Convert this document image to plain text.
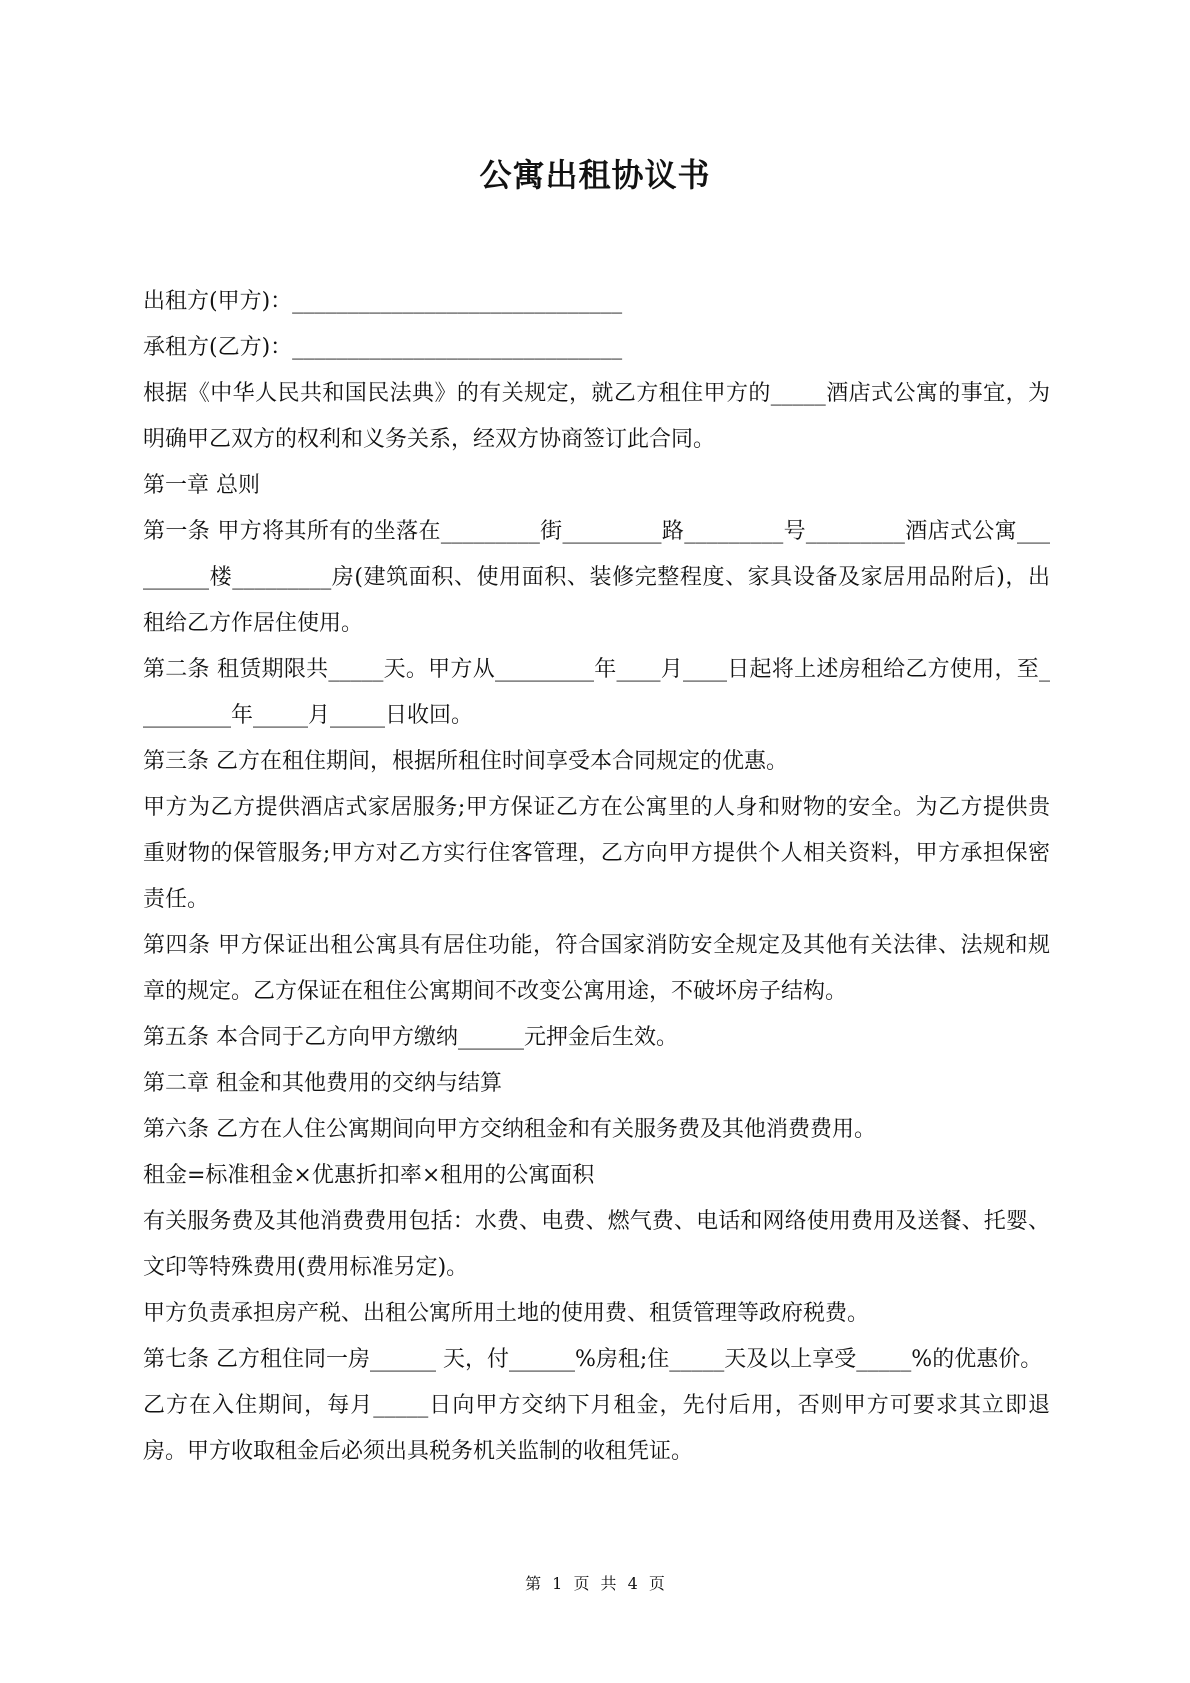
公寓出租协议书

出租方(甲方)：______________________________

承租方(乙方)：______________________________

根据《中华人民共和国民法典》的有关规定，就乙方租住甲方的_____酒店式公寓的事宜，为明确甲乙双方的权利和义务关系，经双方协商签订此合同。

第一章 总则

第一条 甲方将其所有的坐落在_________街_________路_________号_________酒店式公寓_________楼_________房(建筑面积、使用面积、装修完整程度、家具设备及家居用品附后)，出租给乙方作居住使用。

第二条 租赁期限共_____天。甲方从_________年____月____日起将上述房租给乙方使用，至_________年_____月_____日收回。

第三条 乙方在租住期间，根据所租住时间享受本合同规定的优惠。

甲方为乙方提供酒店式家居服务;甲方保证乙方在公寓里的人身和财物的安全。为乙方提供贵重财物的保管服务;甲方对乙方实行住客管理，乙方向甲方提供个人相关资料，甲方承担保密责任。

第四条 甲方保证出租公寓具有居住功能，符合国家消防安全规定及其他有关法律、法规和规章的规定。乙方保证在租住公寓期间不改变公寓用途，不破坏房子结构。

第五条 本合同于乙方向甲方缴纳______元押金后生效。

第二章 租金和其他费用的交纳与结算

第六条 乙方在人住公寓期间向甲方交纳租金和有关服务费及其他消费费用。

租金=标准租金×优惠折扣率×租用的公寓面积

有关服务费及其他消费费用包括：水费、电费、燃气费、电话和网络使用费用及送餐、托婴、文印等特殊费用(费用标准另定)。

甲方负责承担房产税、出租公寓所用土地的使用费、租赁管理等政府税费。

第七条 乙方租住同一房______ 天，付______%房租;住_____天及以上享受_____%的优惠价。

乙方在入住期间，每月_____日向甲方交纳下月租金，先付后用，否则甲方可要求其立即退房。甲方收取租金后必须出具税务机关监制的收租凭证。

第 1 页 共 4 页
